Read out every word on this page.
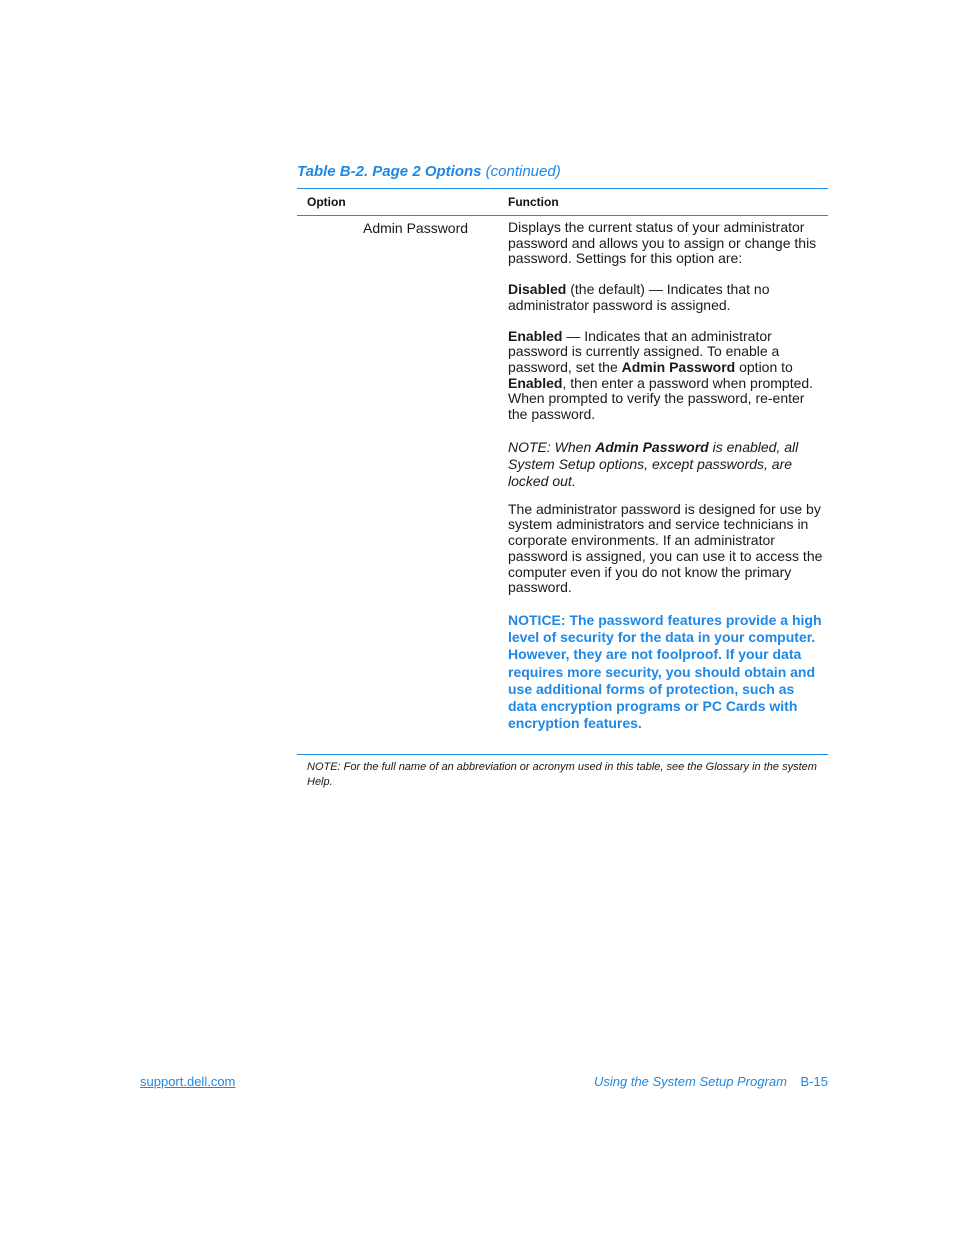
Table B-2. Page 2 Options (continued)
Option	Function
Admin Password	Displays the current status of your administrator password and allows you to assign or change this password. Settings for this option are:

Disabled (the default) — Indicates that no administrator password is assigned.

Enabled — Indicates that an administrator password is currently assigned. To enable a password, set the Admin Password option to Enabled, then enter a password when prompted. When prompted to verify the password, re-enter the password.

NOTE: When Admin Password is enabled, all System Setup options, except passwords, are locked out.

The administrator password is designed for use by system administrators and service technicians in corporate environments. If an administrator password is assigned, you can use it to access the computer even if you do not know the primary password.

NOTICE: The password features provide a high level of security for the data in your computer. However, they are not foolproof. If your data requires more security, you should obtain and use additional forms of protection, such as data encryption programs or PC Cards with encryption features.

NOTE: For the full name of an abbreviation or acronym used in this table, see the Glossary in the system Help.
support.dell.com	Using the System Setup Program B-15
